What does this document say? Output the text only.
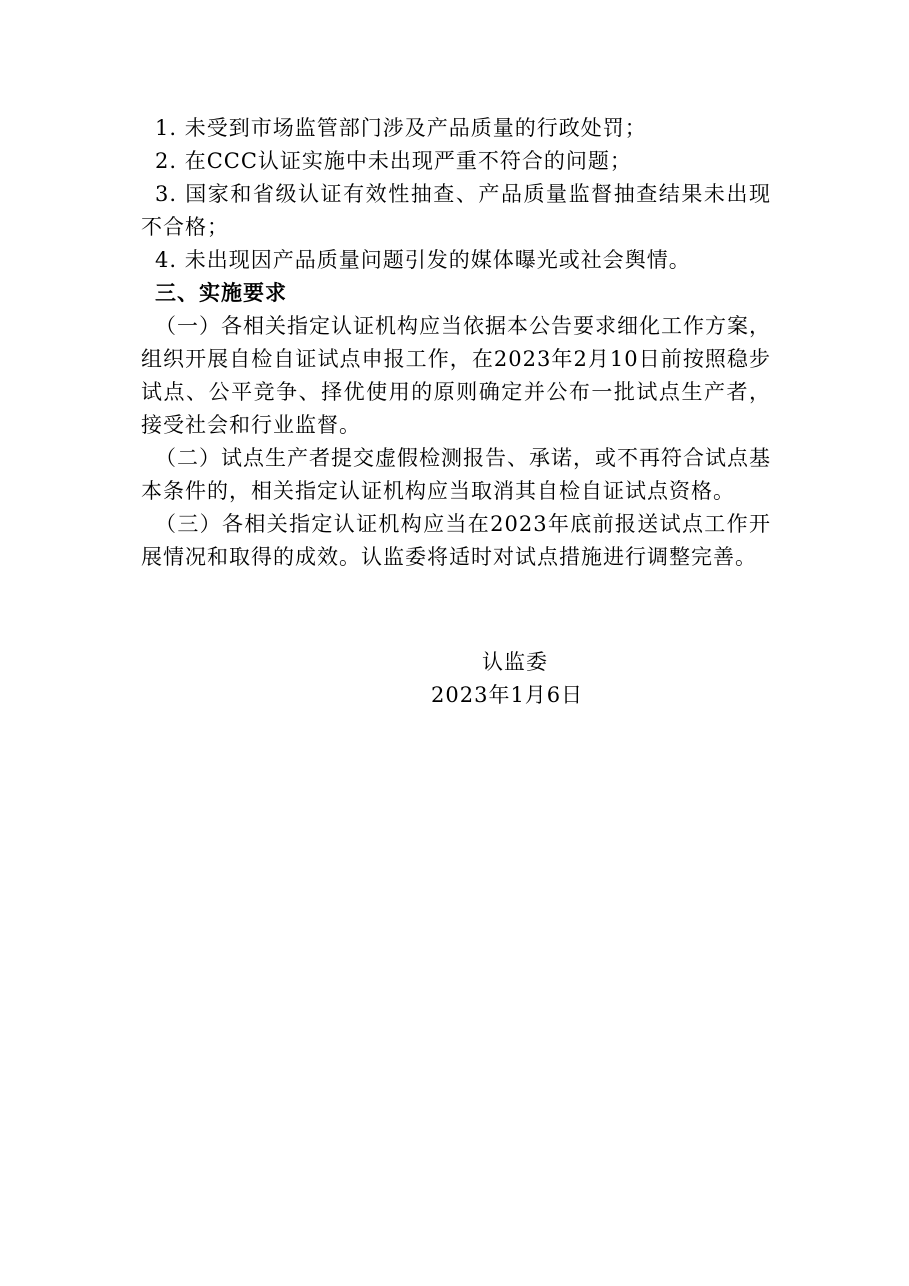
1. 未受到市场监管部门涉及产品质量的行政处罚；

2. 在CCC认证实施中未出现严重不符合的问题；

3. 国家和省级认证有效性抽查、产品质量监督抽查结果未出现不合格；

4. 未出现因产品质量问题引发的媒体曝光或社会舆情。

三、实施要求

（一）各相关指定认证机构应当依据本公告要求细化工作方案，组织开展自检自证试点申报工作，在2023年2月10日前按照稳步试点、公平竞争、择优使用的原则确定并公布一批试点生产者，接受社会和行业监督。

（二）试点生产者提交虚假检测报告、承诺，或不再符合试点基本条件的，相关指定认证机构应当取消其自检自证试点资格。

（三）各相关指定认证机构应当在2023年底前报送试点工作开展情况和取得的成效。认监委将适时对试点措施进行调整完善。

认监委

2023年1月6日
